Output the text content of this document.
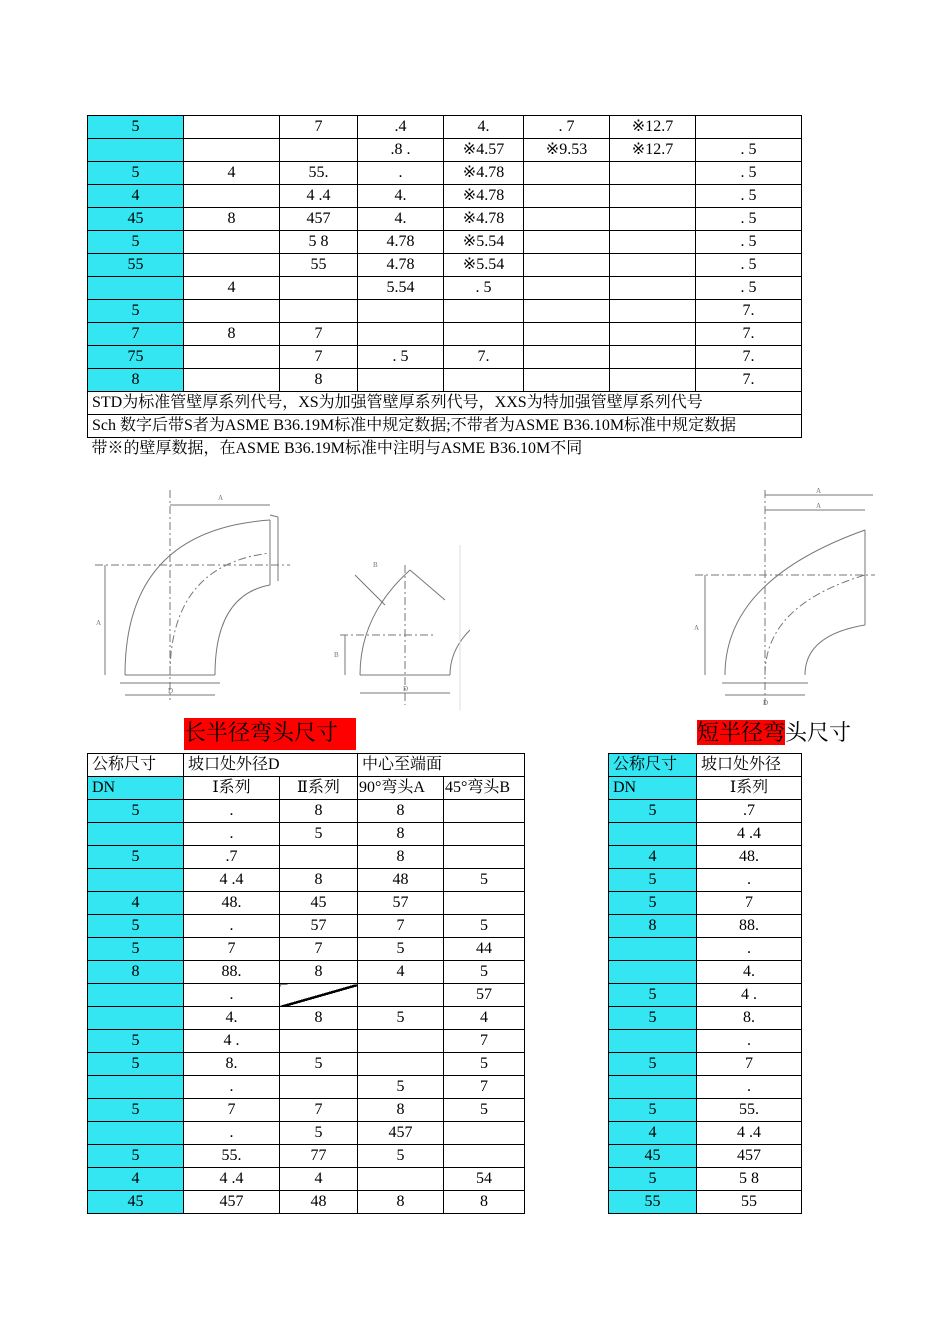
5		7	.4	4.	. 7	※12.7	
			.8 .	※4.57	※9.53	※12.7	. 5
5	4	55.	.	※4.78			. 5
4		4 .4	4.	※4.78			. 5
45	8	457	4.	※4.78			. 5
5		5 8	4.78	※5.54			. 5
55		55	4.78	※5.54			. 5
	4		5.54	. 5			. 5
5							7.
7	8	7					7.
75		7	. 5	7.			7.
8		8					7.
STD为标准管壁厚系列代号，XS为加强管壁厚系列代号，XXS为特加强管壁厚系列代号							
Sch 数字后带S者为ASME B36.19M标准中规定数据;不带者为ASME B36.10M标准中规定数据							
带※的壁厚数据，在ASME B36.19M标准中注明与ASME B36.10M不同							
A
A
D
B
B
D
A
A
A
D
长半径弯头尺寸	短半径弯头尺寸
公称尺寸	坡口处外径D		中心至端面	
DN	Ⅰ系列	Ⅱ系列	90°弯头A	45°弯头B
5	.	8	8	
	.	5	8	
5	.7		8	
	4 .4	8	48	5
4	48.	45	57	
5	.	57	7	5
5	7	7	5	44
8	88.	8	4	5
	.			57
	4.	8	5	4
5	4 .			7
5	8.	5		5
	.		5	7
5	7	7	8	5
	.	5	457	
5	55.	77	5	
4	4 .4	4		54
45	457	48	8	8
公称尺寸	坡口处外径
DN	Ⅰ系列
5	.7
	4 .4
4	48.
5	.
5	7
8	88.
	.
	4.
5	4 .
5	8.
	.
5	7
	.
5	55.
4	4 .4
45	457
5	5 8
55	55
